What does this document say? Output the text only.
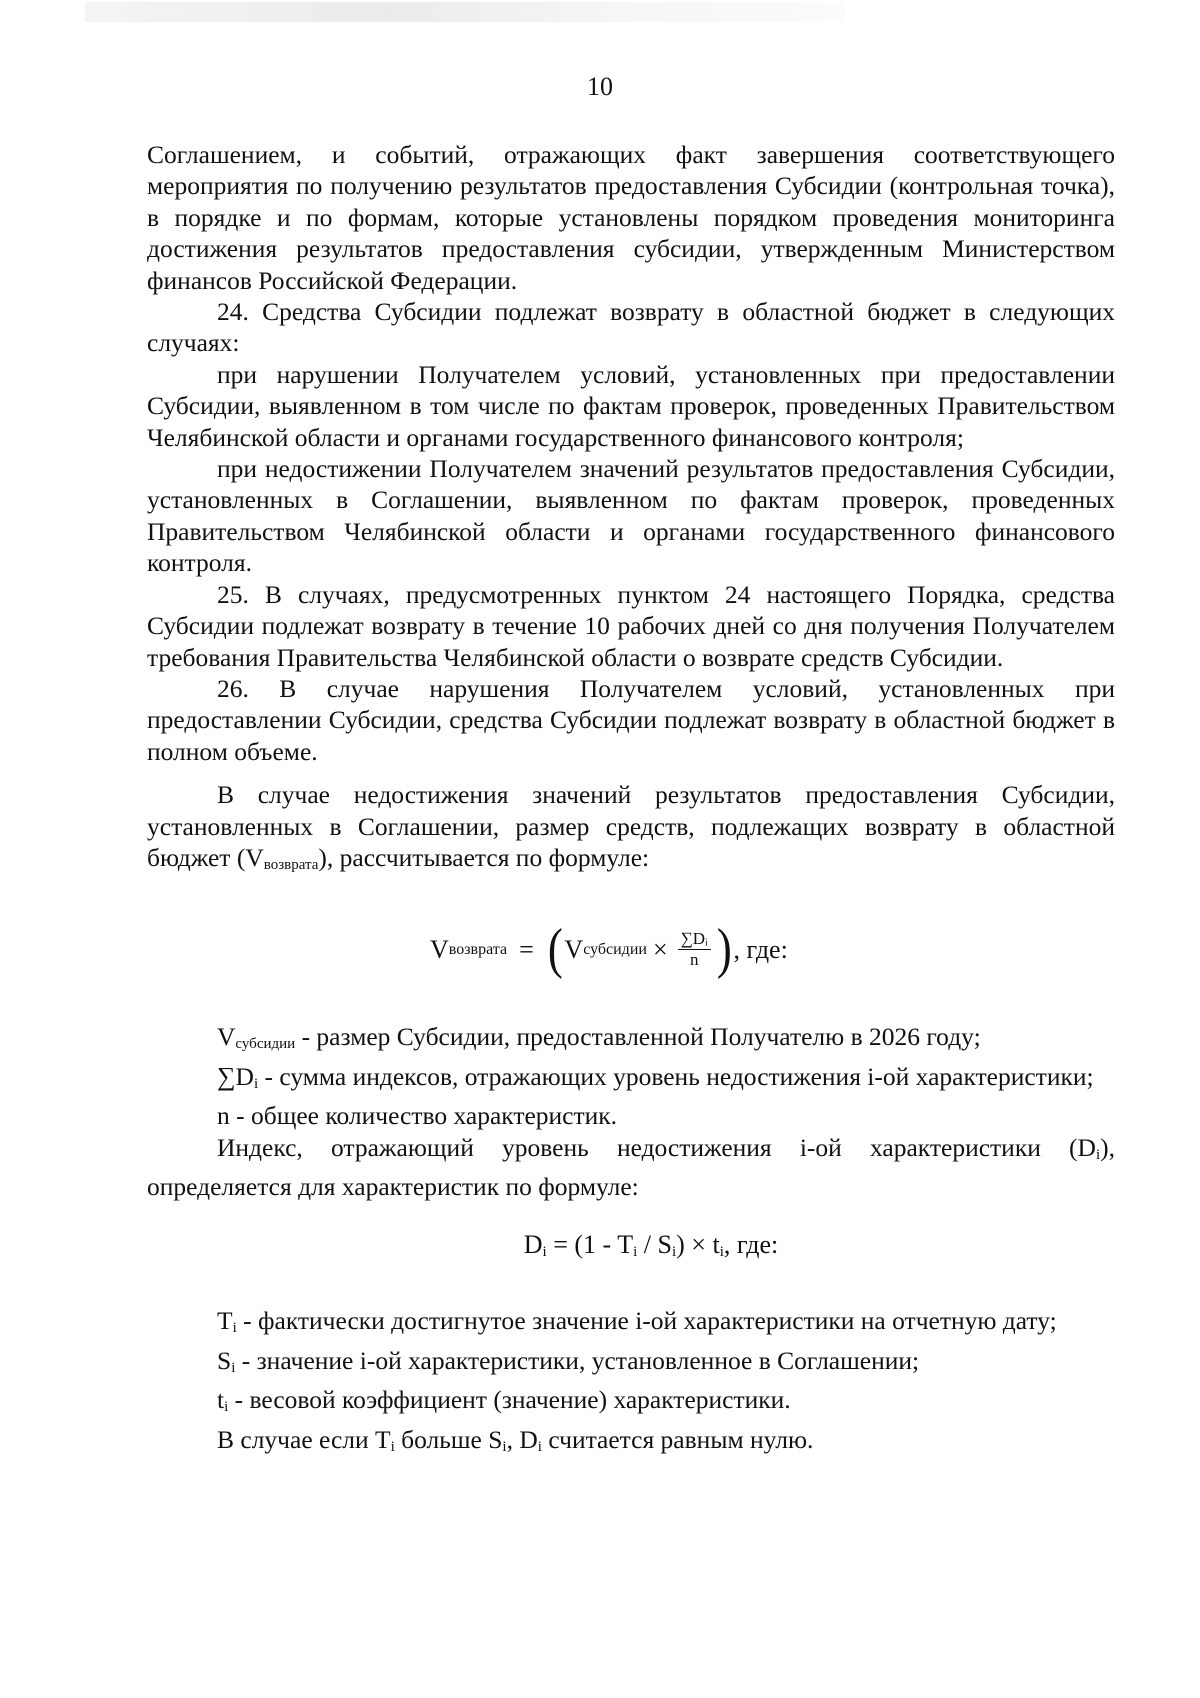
10

Соглашением, и событий, отражающих факт завершения соответствующего мероприятия по получению результатов предоставления Субсидии (контрольная точка), в порядке и по формам, которые установлены порядком проведения мониторинга достижения результатов предоставления субсидии, утвержденным Министерством финансов Российской Федерации.

24. Средства Субсидии подлежат возврату в областной бюджет в следующих случаях:

при нарушении Получателем условий, установленных при предоставлении Субсидии, выявленном в том числе по фактам проверок, проведенных Правительством Челябинской области и органами государственного финансового контроля;

при недостижении Получателем значений результатов предоставления Субсидии, установленных в Соглашении, выявленном по фактам проверок, проведенных Правительством Челябинской области и органами государственного финансового контроля.

25. В случаях, предусмотренных пунктом 24 настоящего Порядка, средства Субсидии подлежат возврату в течение 10 рабочих дней со дня получения Получателем требования Правительства Челябинской области о возврате средств Субсидии.

26. В случае нарушения Получателем условий, установленных при предоставлении Субсидии, средства Субсидии подлежат возврату в областной бюджет в полном объеме.

В случае недостижения значений результатов предоставления Субсидии, установленных в Соглашении, размер средств, подлежащих возврату в областной бюджет $(V_{возврата})$, рассчитывается по формуле:

V возврата = ( V субсидии × $\frac{\text{∑Dᵢ}}{n}$ ) , где:

$V_{субсидии}$ - размер Субсидии, предоставленной Получателю в 2026 году;

$\sum D_i$ - сумма индексов, отражающих уровень недостижения i-ой характеристики;

n - общее количество характеристик.

Индекс, отражающий уровень недостижения i-ой характеристики $(D_i)$, определяется для характеристик по формуле:

$D_i = (1 - T_i / S_i) \times t_i$, где:

$T_i$ - фактически достигнутое значение i-ой характеристики на отчетную дату;

$S_i$ - значение i-ой характеристики, установленное в Соглашении;

$t_i$ - весовой коэффициент (значение) характеристики.

В случае если $T_i$ больше $S_i$, $D_i$ считается равным нулю.
